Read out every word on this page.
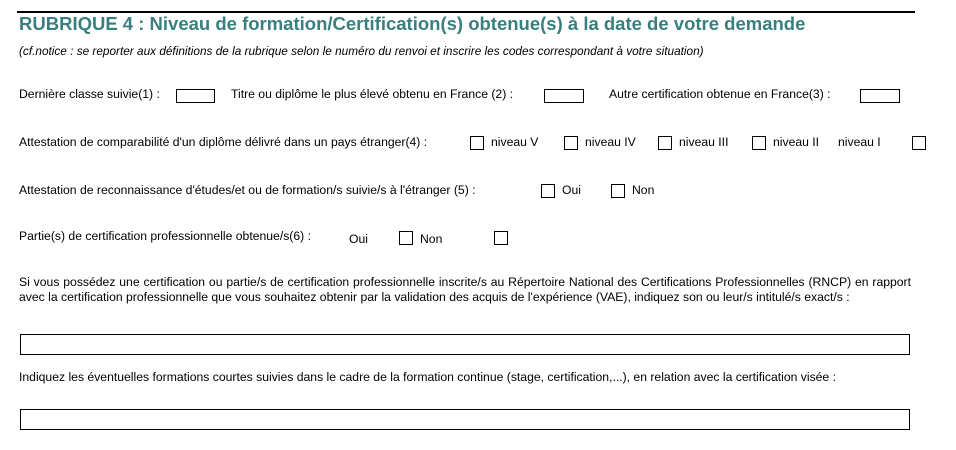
RUBRIQUE 4 : Niveau de formation/Certification(s) obtenue(s) à la date de votre demande
(cf.notice : se reporter aux définitions de la rubrique selon le numéro du renvoi et inscrire les codes correspondant à votre situation)
Dernière classe suivie(1) :	Titre ou diplôme le plus élevé obtenu en France (2) :	Autre certification obtenue en France(3) :
Attestation de comparabilité d'un diplôme délivré dans un pays étranger(4) :	niveau V	niveau IV	niveau III	niveau II niveau I
Attestation de reconnaissance d'études/et ou de formation/s suivie/s à l'étranger (5) :	Oui	Non
Partie(s) de certification professionnelle obtenue/s(6) :	Oui	Non
Si vous possédez une certification ou partie/s de certification professionnelle inscrite/s au Répertoire National des Certifications Professionnelles (RNCP) en rapport avec la certification professionnelle que vous souhaitez obtenir par la validation des acquis de l'expérience (VAE), indiquez son ou leur/s intitulé/s exact/s :
Indiquez les éventuelles formations courtes suivies dans le cadre de la formation continue (stage, certification,...), en relation avec la certification visée :
